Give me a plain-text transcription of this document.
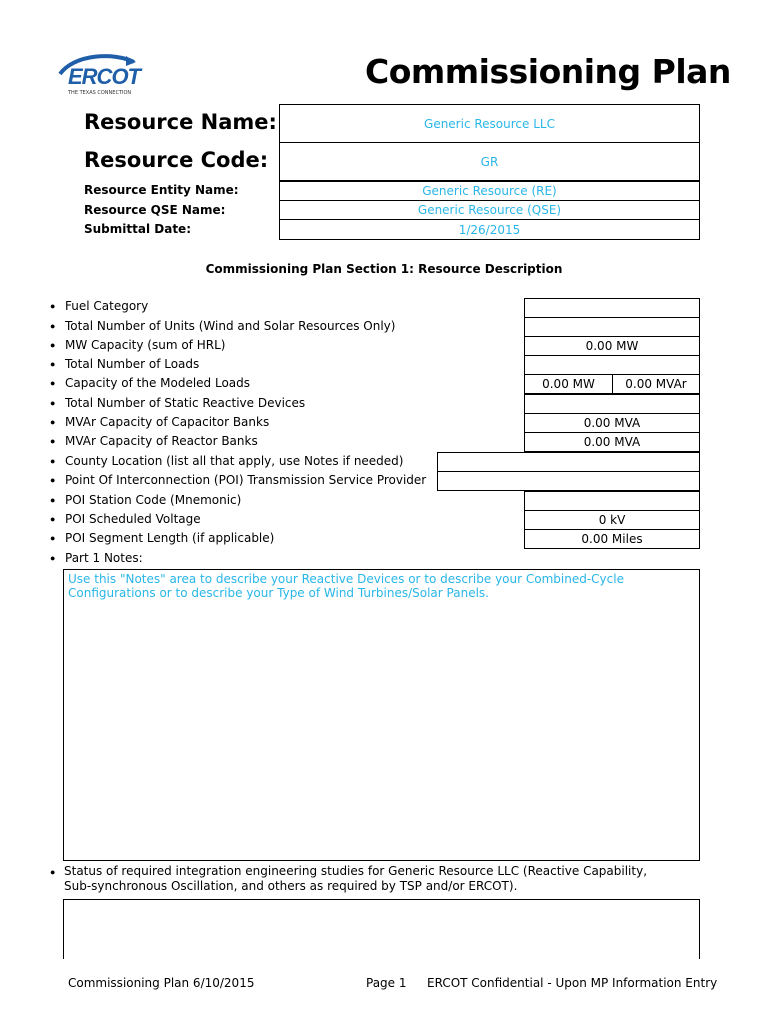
ERCOT
THE TEXAS CONNECTION
Commissioning Plan
Resource Name:	Generic Resource LLC
Resource Code:	GR
Resource Entity Name:	Generic Resource (RE)
Resource QSE Name:	Generic Resource (QSE)
Submittal Date:	1/26/2015
Commissioning Plan Section 1: Resource Description
● Fuel Category
● Total Number of Units (Wind and Solar Resources Only)
● MW Capacity (sum of HRL)	0.00 MW
● Total Number of Loads
● Capacity of the Modeled Loads	0.00 MW	0.00 MVAr
● Total Number of Static Reactive Devices
● MVAr Capacity of Capacitor Banks	0.00 MVA
● MVAr Capacity of Reactor Banks	0.00 MVA
● County Location (list all that apply, use Notes if needed)
● Point Of Interconnection (POI) Transmission Service Provider
● POI Station Code (Mnemonic)
● POI Scheduled Voltage	0 kV
● POI Segment Length (if applicable)	0.00 Miles
● Part 1 Notes:
Use this "Notes" area to describe your Reactive Devices or to describe your Combined-Cycle Configurations or to describe your Type of Wind Turbines/Solar Panels.
● Status of required integration engineering studies for Generic Resource LLC (Reactive Capability, Sub-synchronous Oscillation, and others as required by TSP and/or ERCOT).
Commissioning Plan 6/10/2015	Page 1 ERCOT Confidential - Upon MP Information Entry
